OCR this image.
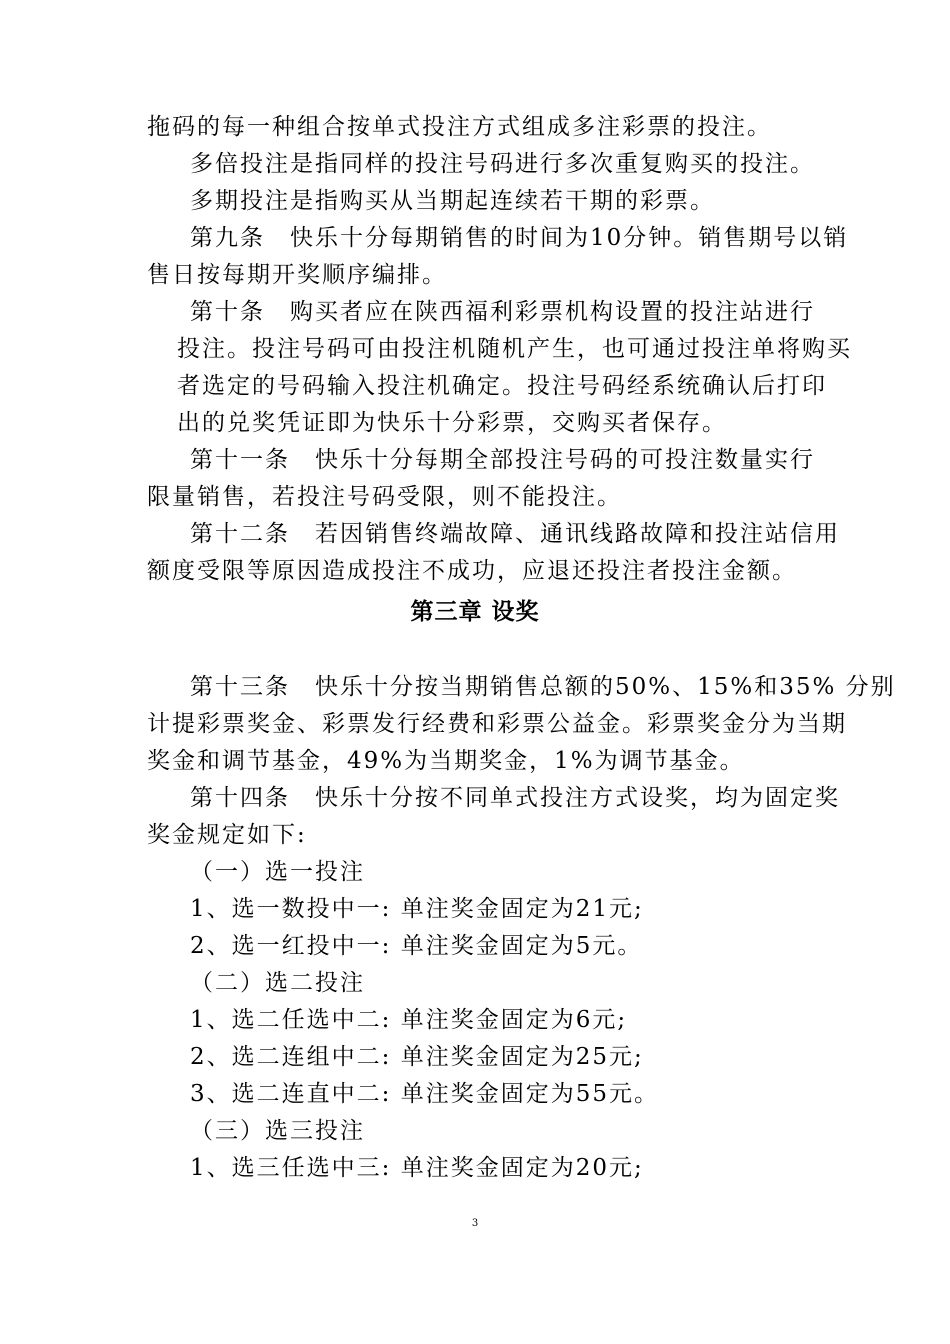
拖码的每一种组合按单式投注方式组成多注彩票的投注。
多倍投注是指同样的投注号码进行多次重复购买的投注。
多期投注是指购买从当期起连续若干期的彩票。
第九条　快乐十分每期销售的时间为10分钟。销售期号以销
售日按每期开奖顺序编排。
第十条　购买者应在陕西福利彩票机构设置的投注站进行
投注。投注号码可由投注机随机产生，也可通过投注单将购买
者选定的号码输入投注机确定。投注号码经系统确认后打印
出的兑奖凭证即为快乐十分彩票，交购买者保存。
第十一条　快乐十分每期全部投注号码的可投注数量实行
限量销售，若投注号码受限，则不能投注。
第十二条　若因销售终端故障、通讯线路故障和投注站信用
额度受限等原因造成投注不成功，应退还投注者投注金额。
第三章 设奖
第十三条　快乐十分按当期销售总额的50%、15%和35% 分别
计提彩票奖金、彩票发行经费和彩票公益金。彩票奖金分为当期
奖金和调节基金，49%为当期奖金，1%为调节基金。
第十四条　快乐十分按不同单式投注方式设奖，均为固定奖
奖金规定如下:
（一）选一投注
1、选一数投中一: 单注奖金固定为21元;
2、选一红投中一: 单注奖金固定为5元。
（二）选二投注
1、选二任选中二: 单注奖金固定为6元;
2、选二连组中二: 单注奖金固定为25元;
3、选二连直中二: 单注奖金固定为55元。
（三）选三投注
1、选三任选中三: 单注奖金固定为20元;
3
